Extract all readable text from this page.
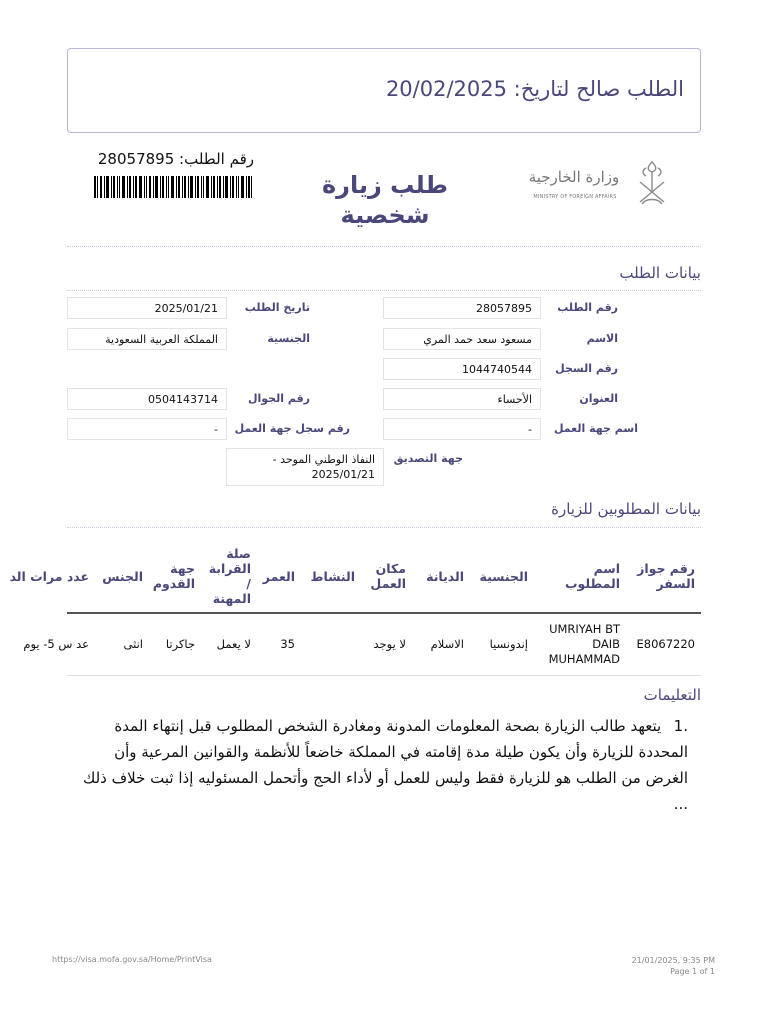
الطلب صالح لتاريخ: 20/02/2025
رقم الطلب: 28057895
طلب زيارة
شخصية
وزارة الخارجية
MINISTRY OF FOREIGN AFFAIRS
بيانات الطلب
رقم الطلب
28057895
تاريخ الطلب
2025/01/21
الاسم
مسعود سعد حمد المري
الجنسية
المملكة العربية السعودية
رقم السجل
1044740544
العنوان
الأحساء
رقم الجوال
0504143714
اسم جهة العمل
-
رقم سجل جهة العمل
-
جهة التصديق
النفاذ الوطني الموحد - 2025/01/21
بيانات المطلوبين للزيارة
رقم جواز السفر	اسم المطلوب	الجنسية	الديانة	مكان العمل	النشاط	العمر	صلة القرابة / المهنة	جهة القدوم	الجنس	عدد مرات الد
E8067220	UMRIYAH BT DAIB MUHAMMAD	إندونسيا	الاسلام	لا يوجد		35	لا يعمل	جاكرتا	انثى	عد س 5- يوم
التعليمات
.1 يتعهد طالب الزيارة بصحة المعلومات المدونة ومغادرة الشخص المطلوب قبل إنتهاء المدة المحددة للزيارة وأن يكون طيلة مدة إقامته في المملكة خاضعاً للأنظمة والقوانين المرعية وأن الغرض من الطلب هو للزيارة فقط وليس للعمل أو لأداء الحج وأتحمل المسئوليه إذا ثبت خلاف ذلك ...
https://visa.mofa.gov.sa/Home/PrintVisa	21/01/2025, 9:35 PM
Page 1 of 1
